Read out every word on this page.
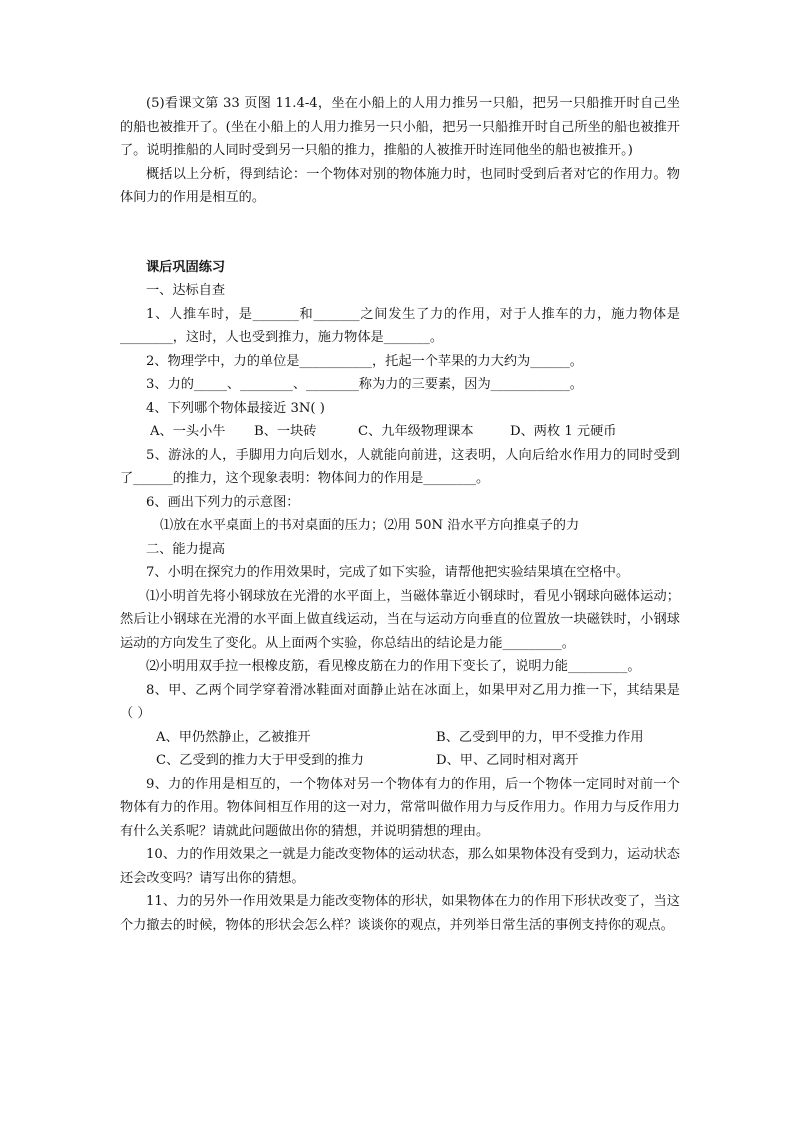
(5)看课文第 33 页图 11.4-4，坐在小船上的人用力推另一只船，把另一只船推开时自己坐的船也被推开了。(坐在小船上的人用力推另一只小船，把另一只船推开时自己所坐的船也被推开了。说明推船的人同时受到另一只船的推力，推船的人被推开时连同他坐的船也被推开。)

概括以上分析，得到结论：一个物体对别的物体施力时，也同时受到后者对它的作用力。物体间力的作用是相互的。

课后巩固练习

一、达标自查

1、人推车时，是_______和_______之间发生了力的作用，对于人推车的力，施力物体是________，这时，人也受到推力，施力物体是_______。

2、物理学中，力的单位是___________，托起一个苹果的力大约为______。

3、力的_____、________、________称为力的三要素，因为____________。

4、下列哪个物体最接近 3N( )

A、一头小牛	B、一块砖	C、九年级物理课本	D、两枚 1 元硬币

5、游泳的人，手脚用力向后划水，人就能向前进，这表明，人向后给水作用力的同时受到了______的推力，这个现象表明：物体间力的作用是________。

6、画出下列力的示意图：

⑴放在水平桌面上的书对桌面的压力；⑵用 50N 沿水平方向推桌子的力

二、能力提高

7、小明在探究力的作用效果时，完成了如下实验，请帮他把实验结果填在空格中。

⑴小明首先将小钢球放在光滑的水平面上，当磁体靠近小钢球时，看见小钢球向磁体运动；然后让小钢球在光滑的水平面上做直线运动，当在与运动方向垂直的位置放一块磁铁时，小钢球运动的方向发生了变化。从上面两个实验，你总结出的结论是力能_________。

⑵小明用双手拉一根橡皮筋，看见橡皮筋在力的作用下变长了，说明力能_________。

8、甲、乙两个同学穿着滑冰鞋面对面静止站在冰面上，如果甲对乙用力推一下，其结果是（ ）

A、甲仍然静止，乙被推开	B、乙受到甲的力，甲不受推力作用
C、乙受到的推力大于甲受到的推力	D、甲、乙同时相对离开

9、力的作用是相互的，一个物体对另一个物体有力的作用，后一个物体一定同时对前一个物体有力的作用。物体间相互作用的这一对力，常常叫做作用力与反作用力。作用力与反作用力有什么关系呢？请就此问题做出你的猜想，并说明猜想的理由。

10、力的作用效果之一就是力能改变物体的运动状态，那么如果物体没有受到力，运动状态还会改变吗？请写出你的猜想。

11、力的另外一作用效果是力能改变物体的形状，如果物体在力的作用下形状改变了，当这个力撤去的时候，物体的形状会怎么样？谈谈你的观点，并列举日常生活的事例支持你的观点。
